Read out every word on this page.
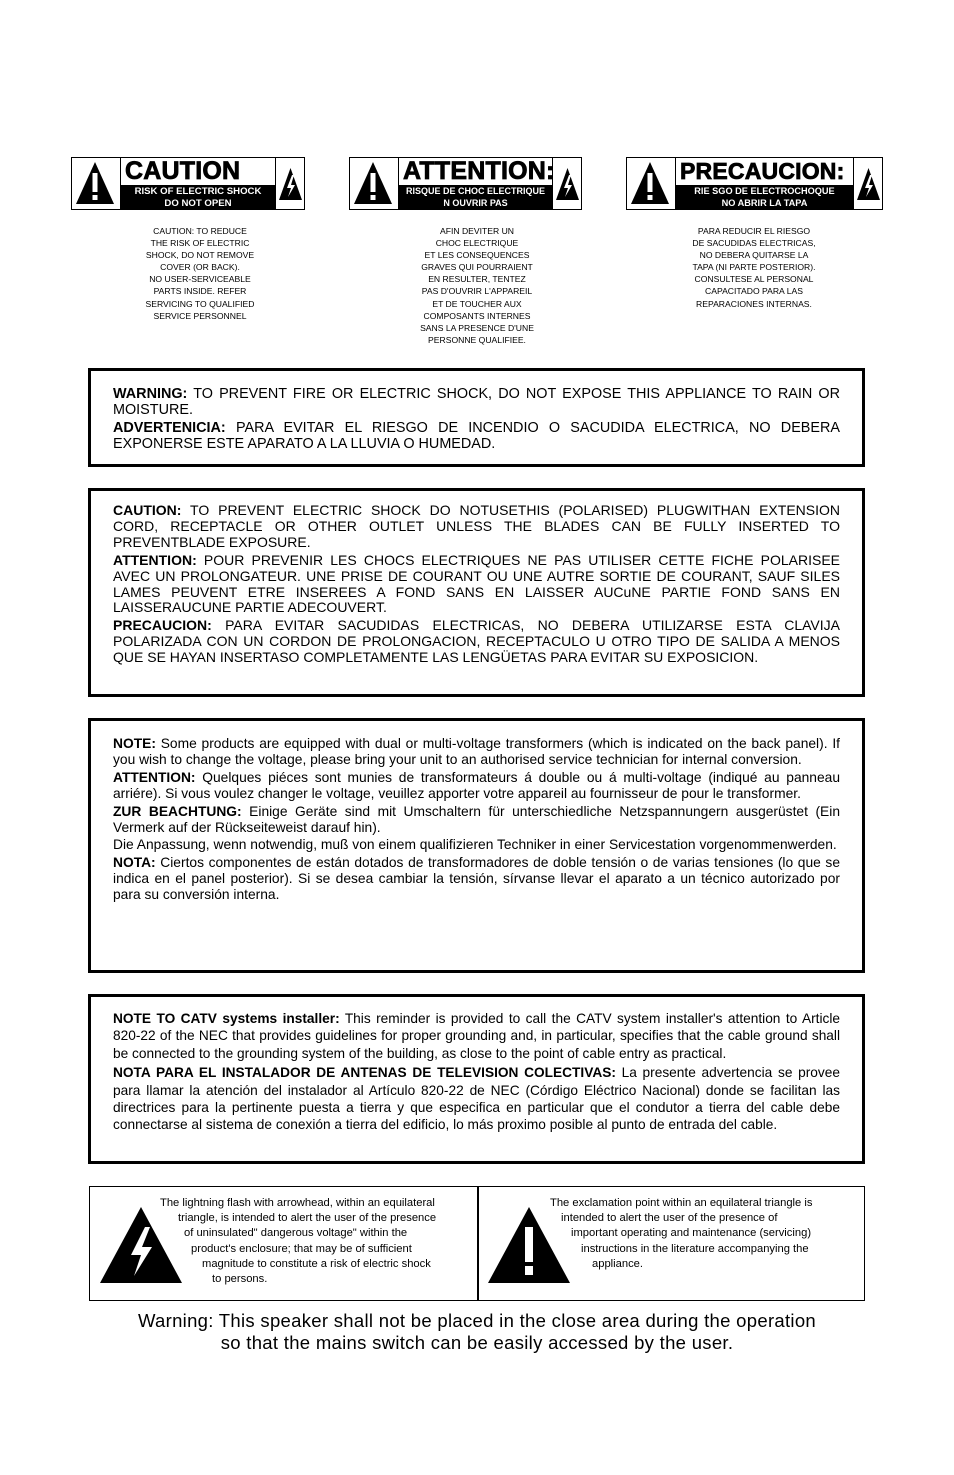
CAUTION
RISK OF ELECTRIC SHOCK
DO NOT OPEN
ATTENTION:
RISQUE DE CHOC ELECTRIQUE
N OUVRIR PAS
PRECAUCION:
RIE SGO DE ELECTROCHOQUE
NO ABRIR LA TAPA
CAUTION: TO REDUCE
THE RISK OF ELECTRIC
SHOCK, DO NOT REMOVE
COVER (OR BACK).
NO USER-SERVICEABLE
PARTS INSIDE. REFER
SERVICING TO QUALIFIED
SERVICE PERSONNEL
AFIN DEVITER UN
CHOC ELECTRIQUE
ET LES CONSEQUENCES
GRAVES QUI POURRAIENT
EN RESULTER, TENTEZ
PAS D'OUVRIR L'APPAREIL
ET DE TOUCHER AUX
COMPOSANTS INTERNES
SANS LA PRESENCE D'UNE
PERSONNE QUALIFIEE.
PARA REDUCIR EL RIESGO
DE SACUDIDAS ELECTRICAS,
NO DEBERA QUITARSE LA
TAPA (NI PARTE POSTERIOR).
CONSULTESE AL PERSONAL
CAPACITADO PARA LAS
REPARACIONES INTERNAS.

WARNING: TO PREVENT FIRE OR ELECTRIC SHOCK, DO NOT EXPOSE THIS APPLIANCE TO RAIN OR MOISTURE.

ADVERTENICIA: PARA EVITAR EL RIESGO DE INCENDIO O SACUDIDA ELECTRICA, NO DEBERA EXPONERSE ESTE APARATO A LA LLUVIA O HUMEDAD.

CAUTION: TO PREVENT ELECTRIC SHOCK DO NOTUSETHIS (POLARISED) PLUGWITHAN EXTENSION CORD, RECEPTACLE OR OTHER OUTLET UNLESS THE BLADES CAN BE FULLY INSERTED TO PREVENTBLADE EXPOSURE.

ATTENTION: POUR PREVENIR LES CHOCS ELECTRIQUES NE PAS UTILISER CETTE FICHE POLARISEE AVEC UN PROLONGATEUR. UNE PRISE DE COURANT OU UNE AUTRE SORTIE DE COURANT, SAUF SILES LAMES PEUVENT ETRE INSEREES A FOND SANS EN LAISSER AUCuNE PARTIE FOND SANS EN LAISSERAUCUNE PARTIE ADECOUVERT.

PRECAUCION: PARA EVITAR SACUDIDAS ELECTRICAS, NO DEBERA UTILIZARSE ESTA CLAVIJA POLARIZADA CON UN CORDON DE PROLONGACION, RECEPTACULO U OTRO TIPO DE SALIDA A MENOS QUE SE HAYAN INSERTASO COMPLETAMENTE LAS LENGÜETAS PARA EVITAR SU EXPOSICION.

NOTE: Some products are equipped with dual or multi-voltage transformers (which is indicated on the back panel). If you wish to change the voltage, please bring your unit to an authorised service technician for internal conversion.

ATTENTION: Quelques piéces sont munies de transformateurs á double ou á multi-voltage (indiqué au panneau arriére). Si vous voulez changer le voltage, veuillez apporter votre appareil au fournisseur de pour le transformer.

ZUR BEACHTUNG: Einige Geräte sind mit Umschaltern für unterschiedliche Netzspannungern ausgerüstet (Ein Vermerk auf der Rückseiteweist darauf hin).

Die Anpassung, wenn notwendig, muß von einem qualifizieren Techniker in einer Servicestation vorgenommenwerden.

NOTA: Ciertos componentes de están dotados de transformadores de doble tensión o de varias tensiones (lo que se indica en el panel posterior). Si se desea cambiar la tensión, sírvanse llevar el aparato a un técnico autorizado por para su conversión interna.

NOTE TO CATV systems installer: This reminder is provided to call the CATV system installer's attention to Article 820-22 of the NEC that provides guidelines for proper grounding and, in particular, specifies that the cable ground shall be connected to the grounding system of the building, as close to the point of cable entry as practical.

NOTA PARA EL INSTALADOR DE ANTENAS DE TELEVISION COLECTIVAS: La presente advertencia se provee para llamar la atención del instalador al Artículo 820-22 de NEC (Córdigo Eléctrico Nacional) donde se facilitan las directrices para la pertinente puesta a tierra y que especifica en particular que el condutor a tierra del cable debe connectarse al sistema de conexión a tierra del edificio, lo más proximo posible al punto de entrada del cable.

The lightning flash with arrowhead, within an equilateral
triangle, is intended to alert the user of the presence
of uninsulated" dangerous voltage" within the
product's enclosure; that may be of sufficient
magnitude to constitute a risk of electric shock
to persons.
The exclamation point within an equilateral triangle is
intended to alert the user of the presence of
important operating and maintenance (servicing)
instructions in the literature accompanying the
appliance.
Warning: This speaker shall not be placed in the close area during the operation
so that the mains switch can be easily accessed by the user.
